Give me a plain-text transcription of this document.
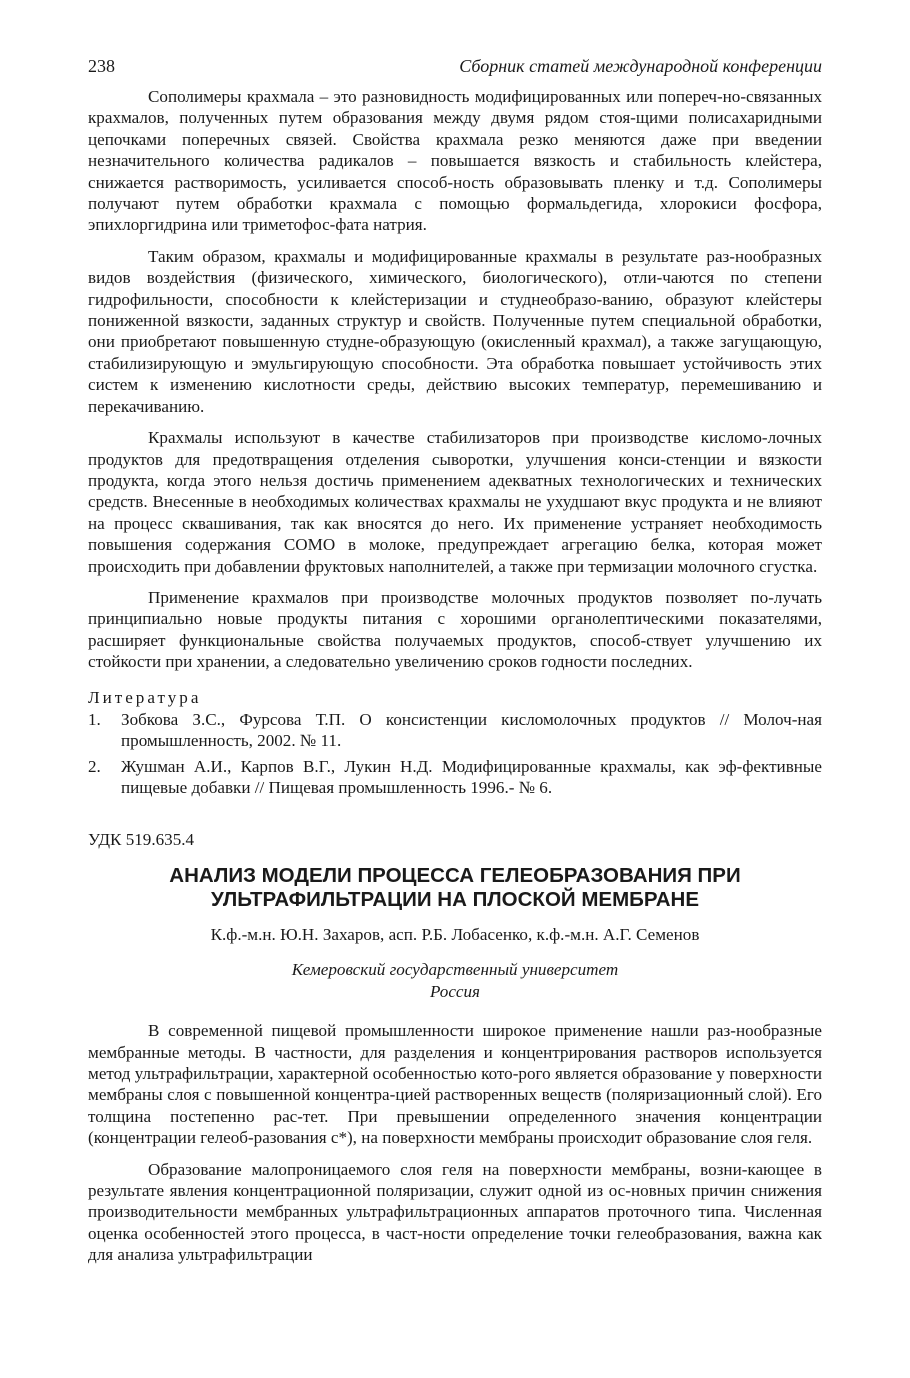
238	Сборник статей международной конференции

Сополимеры крахмала – это разновидность модифицированных или попереч-но-связанных крахмалов, полученных путем образования между двумя рядом стоя-щими полисахаридными цепочками поперечных связей. Свойства крахмала резко меняются даже при введении незначительного количества радикалов – повышается вязкость и стабильность клейстера, снижается растворимость, усиливается способ-ность образовывать пленку и т.д. Сополимеры получают путем обработки крахмала с помощью формальдегида, хлорокиси фосфора, эпихлоргидрина или триметофос-фата натрия.

Таким образом, крахмалы и модифицированные крахмалы в результате раз-нообразных видов воздействия (физического, химического, биологического), отли-чаются по степени гидрофильности, способности к клейстеризации и студнеобразо-ванию, образуют клейстеры пониженной вязкости, заданных структур и свойств. Полученные путем специальной обработки, они приобретают повышенную студне-образующую (окисленный крахмал), а также загущающую, стабилизирующую и эмульгирующую способности. Эта обработка повышает устойчивость этих систем к изменению кислотности среды, действию высоких температур, перемешиванию и перекачиванию.

Крахмалы используют в качестве стабилизаторов при производстве кисломо-лочных продуктов для предотвращения отделения сыворотки, улучшения конси-стенции и вязкости продукта, когда этого нельзя достичь применением адекватных технологических и технических средств. Внесенные в необходимых количествах крахмалы не ухудшают вкус продукта и не влияют на процесс сквашивания, так как вносятся до него. Их применение устраняет необходимость повышения содержания СОМО в молоке, предупреждает агрегацию белка, которая может происходить при добавлении фруктовых наполнителей, а также при термизации молочного сгустка.

Применение крахмалов при производстве молочных продуктов позволяет по-лучать принципиально новые продукты питания с хорошими органолептическими показателями, расширяет функциональные свойства получаемых продуктов, способ-ствует улучшению их стойкости при хранении, а следовательно увеличению сроков годности последних.

Литература
1. Зобкова З.С., Фурсова Т.П. О консистенции кисломолочных продуктов // Молоч-ная промышленность, 2002. № 11.
2. Жушман А.И., Карпов В.Г., Лукин Н.Д. Модифицированные крахмалы, как эф-фективные пищевые добавки // Пищевая промышленность 1996.- № 6.
УДК 519.635.4
АНАЛИЗ МОДЕЛИ ПРОЦЕССА ГЕЛЕОБРАЗОВАНИЯ ПРИ
УЛЬТРАФИЛЬТРАЦИИ НА ПЛОСКОЙ МЕМБРАНЕ
К.ф.-м.н. Ю.Н. Захаров, асп. Р.Б. Лобасенко, к.ф.-м.н. А.Г. Семенов
Кемеровский государственный университет
Россия

В современной пищевой промышленности широкое применение нашли раз-нообразные мембранные методы. В частности, для разделения и концентрирования растворов используется метод ультрафильтрации, характерной особенностью кото-рого является образование у поверхности мембраны слоя с повышенной концентра-цией растворенных веществ (поляризационный слой). Его толщина постепенно рас-тет. При превышении определенного значения концентрации (концентрации гелеоб-разования c*), на поверхности мембраны происходит образование слоя геля.

Образование малопроницаемого слоя геля на поверхности мембраны, возни-кающее в результате явления концентрационной поляризации, служит одной из ос-новных причин снижения производительности мембранных ультрафильтрационных аппаратов проточного типа. Численная оценка особенностей этого процесса, в част-ности определение точки гелеобразования, важна как для анализа ультрафильтрации
